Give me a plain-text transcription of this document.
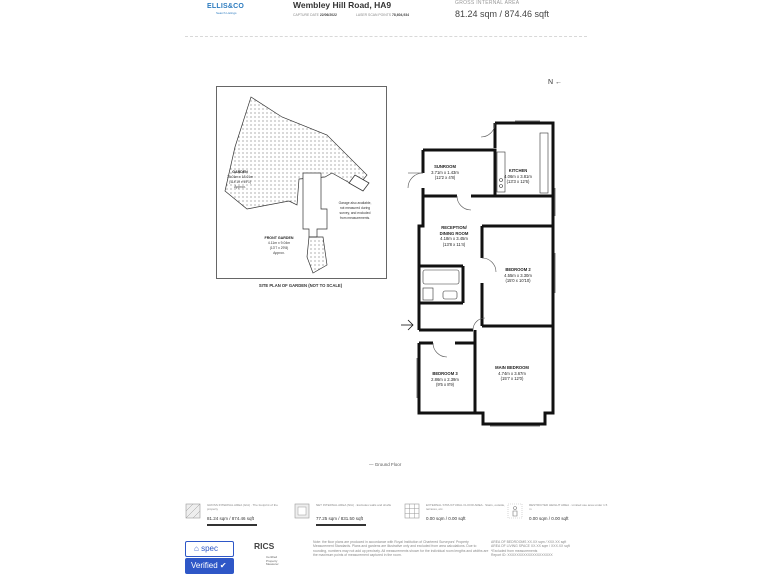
ELLIS&CO
Search Listings
Wembley Hill Road, HA9
CAPTURE DATE 22/06/2022	LASER SCAN POINTS 78,604,934
GROSS INTERNAL AREA
81.24 sqm / 874.46 sqft
GARDEN
35.01m x 18.01m
(114'10 x 49'1)
Approx.
FRONT GARDEN
4.11m x 9.04m
(13'7 x 29'8)
Approx.
Garage also available,
not measured during
survey, and excluded
from measurements.
SITE PLAN OF GARDEN (NOT TO SCALE)
N ←
SUNROOM
3.71m x 1.43m
(12'2 x 4'8)
KITCHEN
4.06m x 3.81m
(13'3 x 12'6)
RECEPTION/
DINING ROOM
4.18m x 3.45m
(13'8 x 11'4)
BEDROOM 2
4.55m x 3.30m
(15'0 x 10'10)
MAIN BEDROOM
4.74m x 3.67m
(15'7 x 12'0)
BEDROOM 3
2.86m x 2.39m
(9'5 x 8'9)
— Ground Floor
GROSS INTERNAL AREA (GIA) · The footprint of the property
81.24 sqm / 874.46 sqft
NET INTERNAL AREA (NIA) · Excludes walls and shafts
77.25 sqm / 831.50 sqft
EXTERNAL STRUCTURAL FLOOR AREA · Stairs, outside, terraces, etc.
0.00 sqm / 0.00 sqft
RESTRICTED HEIGHT AREA · Limited use area under 1.5 m
0.00 sqm / 0.00 sqft
⌂ spec
Verified ✔
RICS
Certified Property Measurer
Note: the floor plans are produced in accordance with Royal Institution of Chartered Surveyors' Property Measurement Standards. Plans and gardens are illustrative only and excluded from area calculations. Due to rounding, numbers may not add up precisely. All measurements shown for the individual room lengths and widths are the maximum points of measurement captured in the room.
AREA OF BEDROOMS XX.XX sqm / XXX.XX sqft
AREA OF LIVING SPACE XX.XX sqm / XXX.XX sqft
*Excluded from measurements
Report ID: XXXXXXXXXXXXXXXXXXXX
